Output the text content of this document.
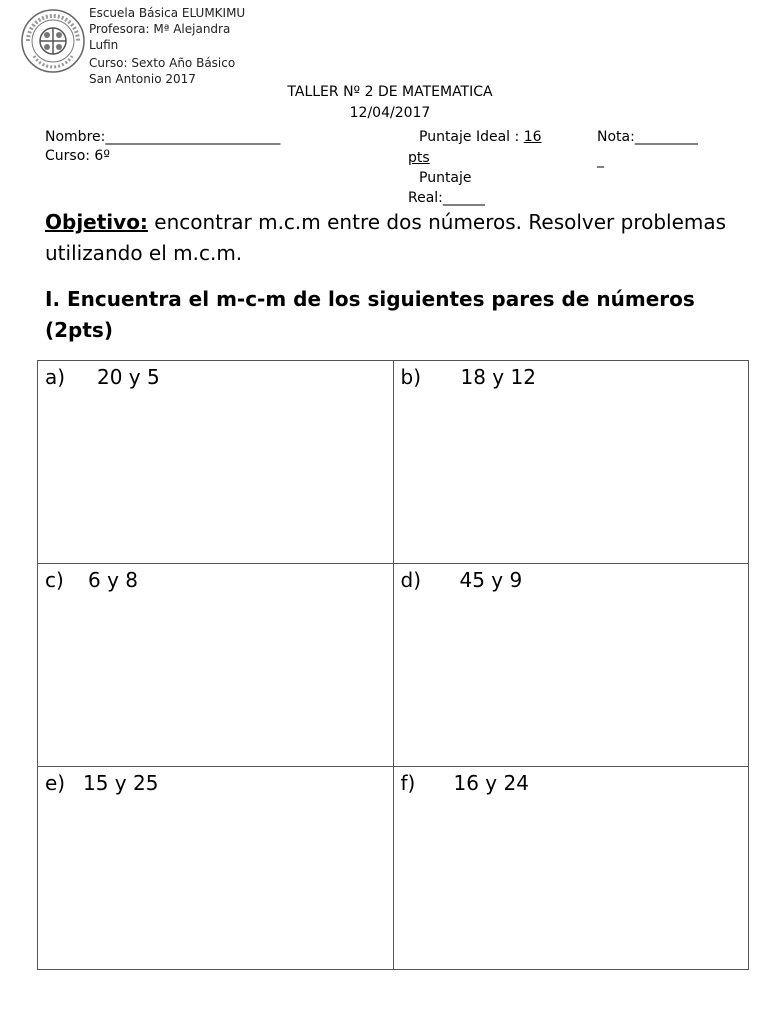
Escuela Básica ELUMKIMU
Profesora: Mª Alejandra
Lufin
Curso: Sexto Año Básico
San Antonio 2017
TALLER Nº 2 DE MATEMATICA
12/04/2017
Nombre:_________________________
Curso: 6º
Puntaje Ideal : 16
pts
Puntaje
Real:______
Nota:_________
_
Objetivo: encontrar m.c.m entre dos números. Resolver problemas utilizando el m.c.m.
I. Encuentra el m-c-m de los siguientes pares de números (2pts)
a) 20 y 5	b) 18 y 12

c) 6 y 8	d) 45 y 9

e) 15 y 25	f) 16 y 24
